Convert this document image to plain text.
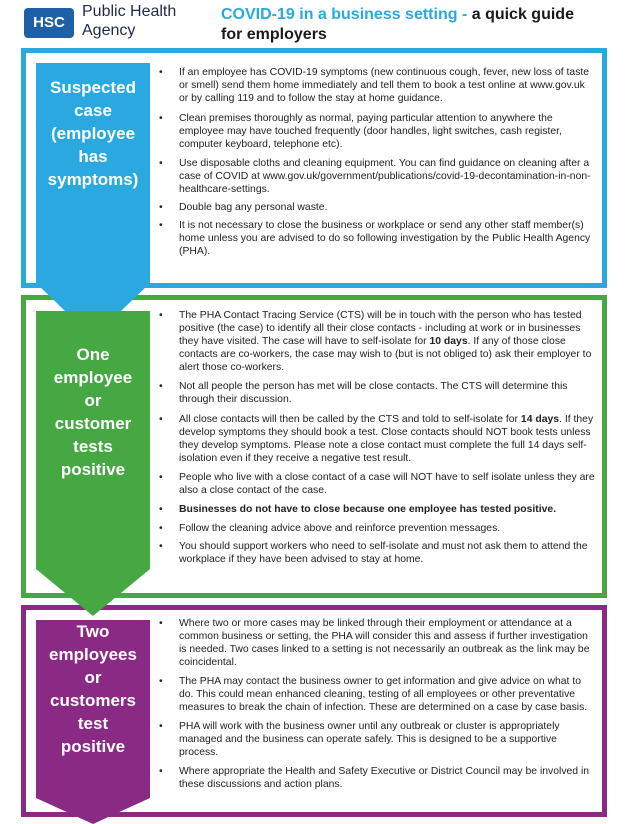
HSC
Public Health
Agency
COVID-19 in a business setting - a quick guide
for employers
Suspected
case
(employee
has
symptoms)
One
employee
or
customer
tests
positive
Two
employees
or
customers
test
positive
• If an employee has COVID-19 symptoms (new continuous cough, fever, new loss of taste or smell) send them home immediately and tell them to book a test online at www.gov.uk or by calling 119 and to follow the stay at home guidance.
• Clean premises thoroughly as normal, paying particular attention to anywhere the employee may have touched frequently (door handles, light switches, cash register, computer keyboard, telephone etc).
• Use disposable cloths and cleaning equipment. You can find guidance on cleaning after a case of COVID at www.gov.uk/government/publications/covid-19-decontamination-in-non-healthcare-settings.
• Double bag any personal waste.
• It is not necessary to close the business or workplace or send any other staff member(s) home unless you are advised to do so following investigation by the Public Health Agency (PHA).
• The PHA Contact Tracing Service (CTS) will be in touch with the person who has tested positive (the case) to identify all their close contacts - including at work or in businesses they have visited. The case will have to self-isolate for 10 days. If any of those close contacts are co-workers, the case may wish to (but is not obliged to) ask their employer to alert those co-workers.
• Not all people the person has met will be close contacts. The CTS will determine this through their discussion.
• All close contacts will then be called by the CTS and told to self-isolate for 14 days. If they develop symptoms they should book a test. Close contacts should NOT book tests unless they develop symptoms. Please note a close contact must complete the full 14 days self-isolation even if they receive a negative test result.
• People who live with a close contact of a case will NOT have to self isolate unless they are also a close contact of the case.
• Businesses do not have to close because one employee has tested positive.
• Follow the cleaning advice above and reinforce prevention messages.
• You should support workers who need to self-isolate and must not ask them to attend the workplace if they have been advised to stay at home.
• Where two or more cases may be linked through their employment or attendance at a common business or setting, the PHA will consider this and assess if further investigation is needed. Two cases linked to a setting is not necessarily an outbreak as the link may be coincidental.
• The PHA may contact the business owner to get information and give advice on what to do. This could mean enhanced cleaning, testing of all employees or other preventative measures to break the chain of infection. These are determined on a case by case basis.
• PHA will work with the business owner until any outbreak or cluster is appropriately managed and the business can operate safely. This is designed to be a supportive process.
• Where appropriate the Health and Safety Executive or District Council may be involved in these discussions and action plans.
